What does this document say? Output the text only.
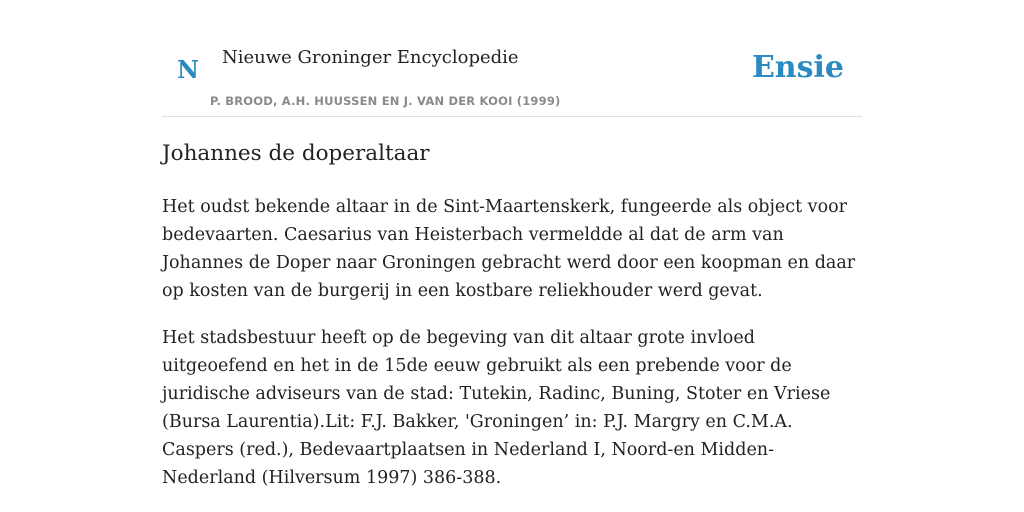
N Nieuwe Groninger Encyclopedie
P. BROOD, A.H. HUUSSEN EN J. VAN DER KOOI (1999)
Ensie
Johannes de doperaltaar

Het oudst bekende altaar in de Sint-Maartenskerk, fungeerde als object voor bedevaarten. Caesarius van Heisterbach vermeldde al dat de arm van Johannes de Doper naar Groningen gebracht werd door een koopman en daar op kosten van de burgerij in een kostbare reliekhouder werd gevat.

Het stadsbestuur heeft op de begeving van dit altaar grote invloed uitgeoefend en het in de 15de eeuw gebruikt als een prebende voor de juridische adviseurs van de stad: Tutekin, Radinc, Buning, Stoter en Vriese (Bursa Laurentia).Lit: F.J. Bakker, 'Groningen’ in: P.J. Margry en C.M.A. Caspers (red.), Bedevaartplaatsen in Nederland I, Noord-en Midden-Nederland (Hilversum 1997) 386-388.
